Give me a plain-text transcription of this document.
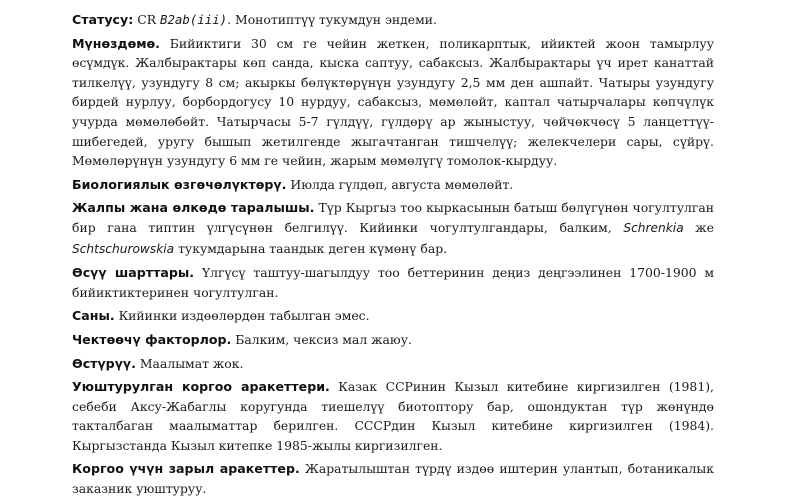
Статусу: CR B2ab(iii). Монотиптүү тукумдун эндеми.

Мүнөздөмө. Бийиктиги 30 см ге чейин жеткен, поликарптык, ийиктей жоон тамырлуу өсүмдүк. Жалбырактары көп санда, кыска саптуу, сабаксыз. Жалбырактары үч ирет канаттай тилкелүү, узундугу 8 см; акыркы бөлүктөрүнүн узундугу 2,5 мм ден ашпайт. Чатыры узундугу бирдей нурлуу, борбордогусу 10 нурдуу, сабаксыз, мөмөлөйт, каптал чатырчалары көпчүлүк учурда мөмөлөбөйт. Чатырчасы 5-7 гүлдүү, гүлдөрү ар жыныстуу, чөйчөкчөсү 5 ланцеттүү-шибегедей, уругу бышып жетилгенде жыгачтанган тишчелүү; желекчелери сары, сүйрү. Мөмөлөрүнүн узундугу 6 мм ге чейин, жарым мөмөлүгү томолок-кырдуу.

Биологиялык өзгөчөлүктөрү. Июлда гүлдөп, августа мөмөлөйт.

Жалпы жана өлкөдө таралышы. Түр Кыргыз тоо кыркасынын батыш бөлүгүнөн чогултулган бир гана типтин үлгүсүнөн белгилүү. Кийинки чогултулгандары, балким, Schrenkia же Schtschurowskia тукумдарына таандык деген күмөнү бар.

Өсүү шарттары. Үлгүсү таштуу-шагылдуу тоо беттеринин деңиз деңгээлинен 1700-1900 м бийиктиктеринен чогултулган.

Саны. Кийинки издөөлөрдөн табылган эмес.

Чектөөчү факторлор. Балким, чексиз мал жаюу.

Өстүрүү. Маалымат жок.

Уюштурулган коргоо аракеттери. Казак ССРинин Кызыл китебине киргизилген (1981), себеби Аксу-Жабаглы коругунда тиешелүү биотоптору бар, ошондуктан түр жөнүндө такталбаган маалыматтар берилген. СССРдин Кызыл китебине киргизилген (1984). Кыргызстанда Кызыл китепке 1985-жылы киргизилген.

Коргоо үчүн зарыл аракеттер. Жаратылыштан түрдү издөө иштерин улантып, ботаникалык заказник уюштуруу.
